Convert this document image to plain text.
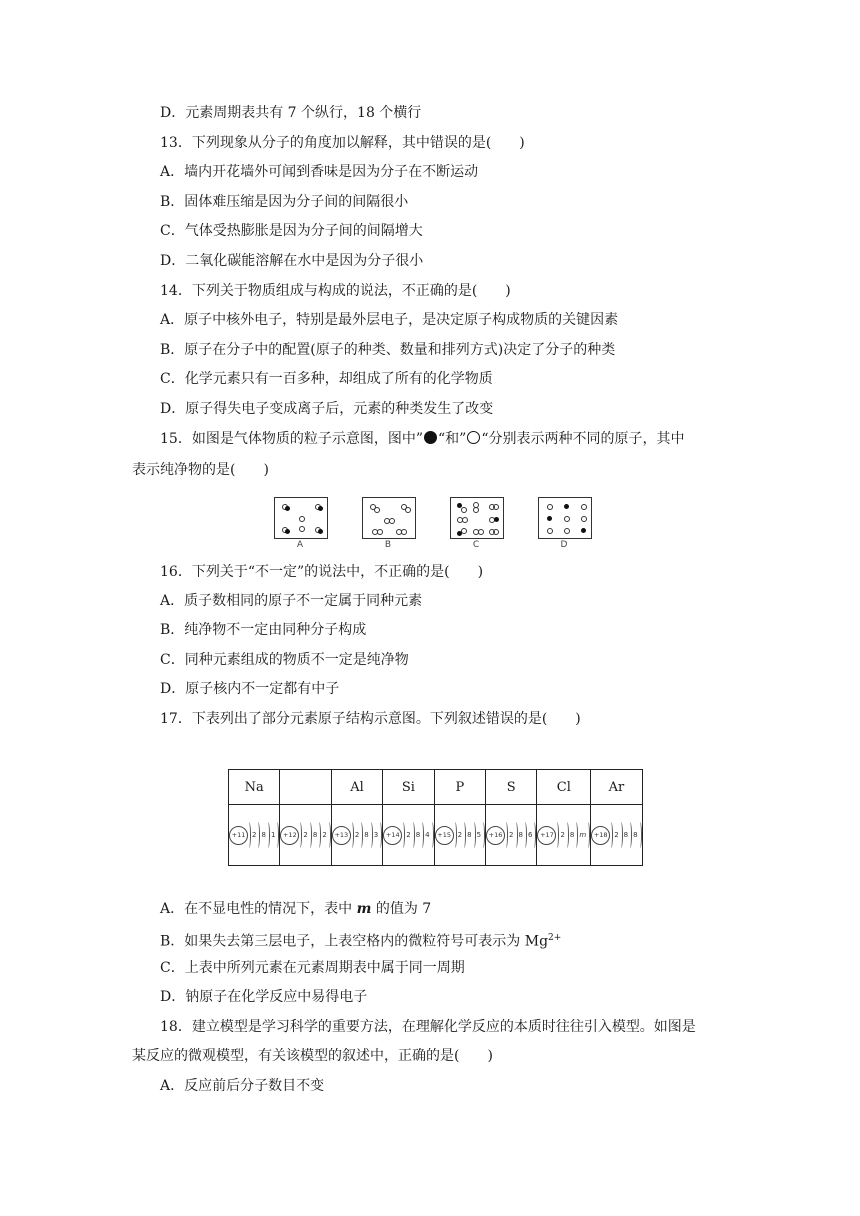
D．元素周期表共有 7 个纵行，18 个横行
13．下列现象从分子的角度加以解释，其中错误的是(　　)
A．墙内开花墙外可闻到香味是因为分子在不断运动
B．固体难压缩是因为分子间的间隔很小
C．气体受热膨胀是因为分子间的间隔增大
D．二氧化碳能溶解在水中是因为分子很小
14．下列关于物质组成与构成的说法，不正确的是(　　)
A．原子中核外电子，特别是最外层电子，是决定原子构成物质的关键因素
B．原子在分子中的配置(原子的种类、数量和排列方式)决定了分子的种类
C．化学元素只有一百多种，却组成了所有的化学物质
D．原子得失电子变成离子后，元素的种类发生了改变
15．如图是气体物质的粒子示意图，图中” “和” “分别表示两种不同的原子，其中
表示纯净物的是(　　)
A	B	C	D
16．下列关于“不一定”的说法中，不正确的是(　　)
A．质子数相同的原子不一定属于同种元素
B．纯净物不一定由同种分子构成
C．同种元素组成的物质不一定是纯净物
D．原子核内不一定都有中子
17．下表列出了部分元素原子结构示意图。下列叙述错误的是(　　)
Na		Al	Si	P	S	Cl	Ar

+11 2 8 1	+12 2 8 2	+13 2 8 3	+14 2 8 4	+15 2 8 5	+16 2 8 6	+17 2 8 m	+18 2 8 8
A．在不显电性的情况下，表中 m 的值为 7
B．如果失去第三层电子，上表空格内的微粒符号可表示为 $Mg^{2+}$
C．上表中所列元素在元素周期表中属于同一周期
D．钠原子在化学反应中易得电子
18．建立模型是学习科学的重要方法，在理解化学反应的本质时往往引入模型。如图是
某反应的微观模型，有关该模型的叙述中，正确的是(　　)
A．反应前后分子数目不变
